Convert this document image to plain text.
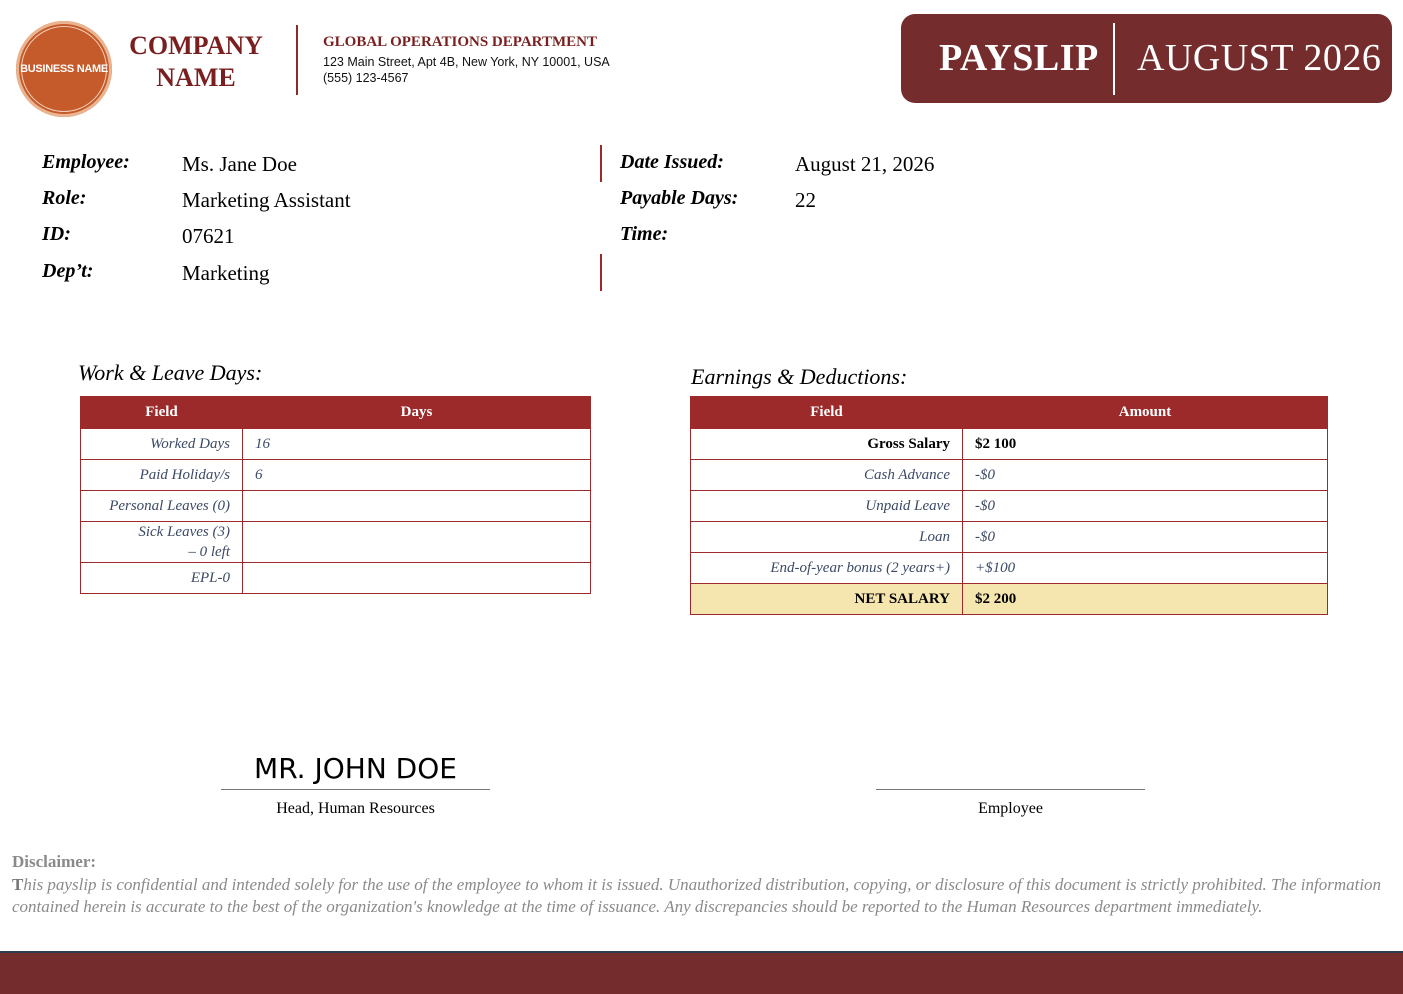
BUSINESS NAME
COMPANY
NAME
GLOBAL OPERATIONS DEPARTMENT
123 Main Street, Apt 4B, New York, NY 10001, USA
(555) 123-4567	PAYSLIP AUGUST 2026
Employee: Ms. Jane Doe
Role:	Marketing Assistant
ID:	07621
Dep’t:	Marketing
Date Issued:	August 21, 2026
Payable Days:	22
Time:
Work & Leave Days:
Field	Days
Worked Days	16
Paid Holiday/s	6
Personal Leaves (0)	

Sick Leaves (3)
– 0 left	

EPL-0	
Earnings & Deductions:
Field	Amount
Gross Salary	$2 100
Cash Advance	-$0
Unpaid Leave	-$0
Loan	-$0
End-of-year bonus (2 years+)	+$100
NET SALARY	$2 200
MR. JOHN DOE
Head, Human Resources	Employee
Disclaimer:
This payslip is confidential and intended solely for the use of the employee to whom it is issued. Unauthorized distribution, copying, or disclosure of this document is strictly prohibited. The information contained herein is accurate to the best of the organization's knowledge at the time of issuance. Any discrepancies should be reported to the Human Resources department immediately.
